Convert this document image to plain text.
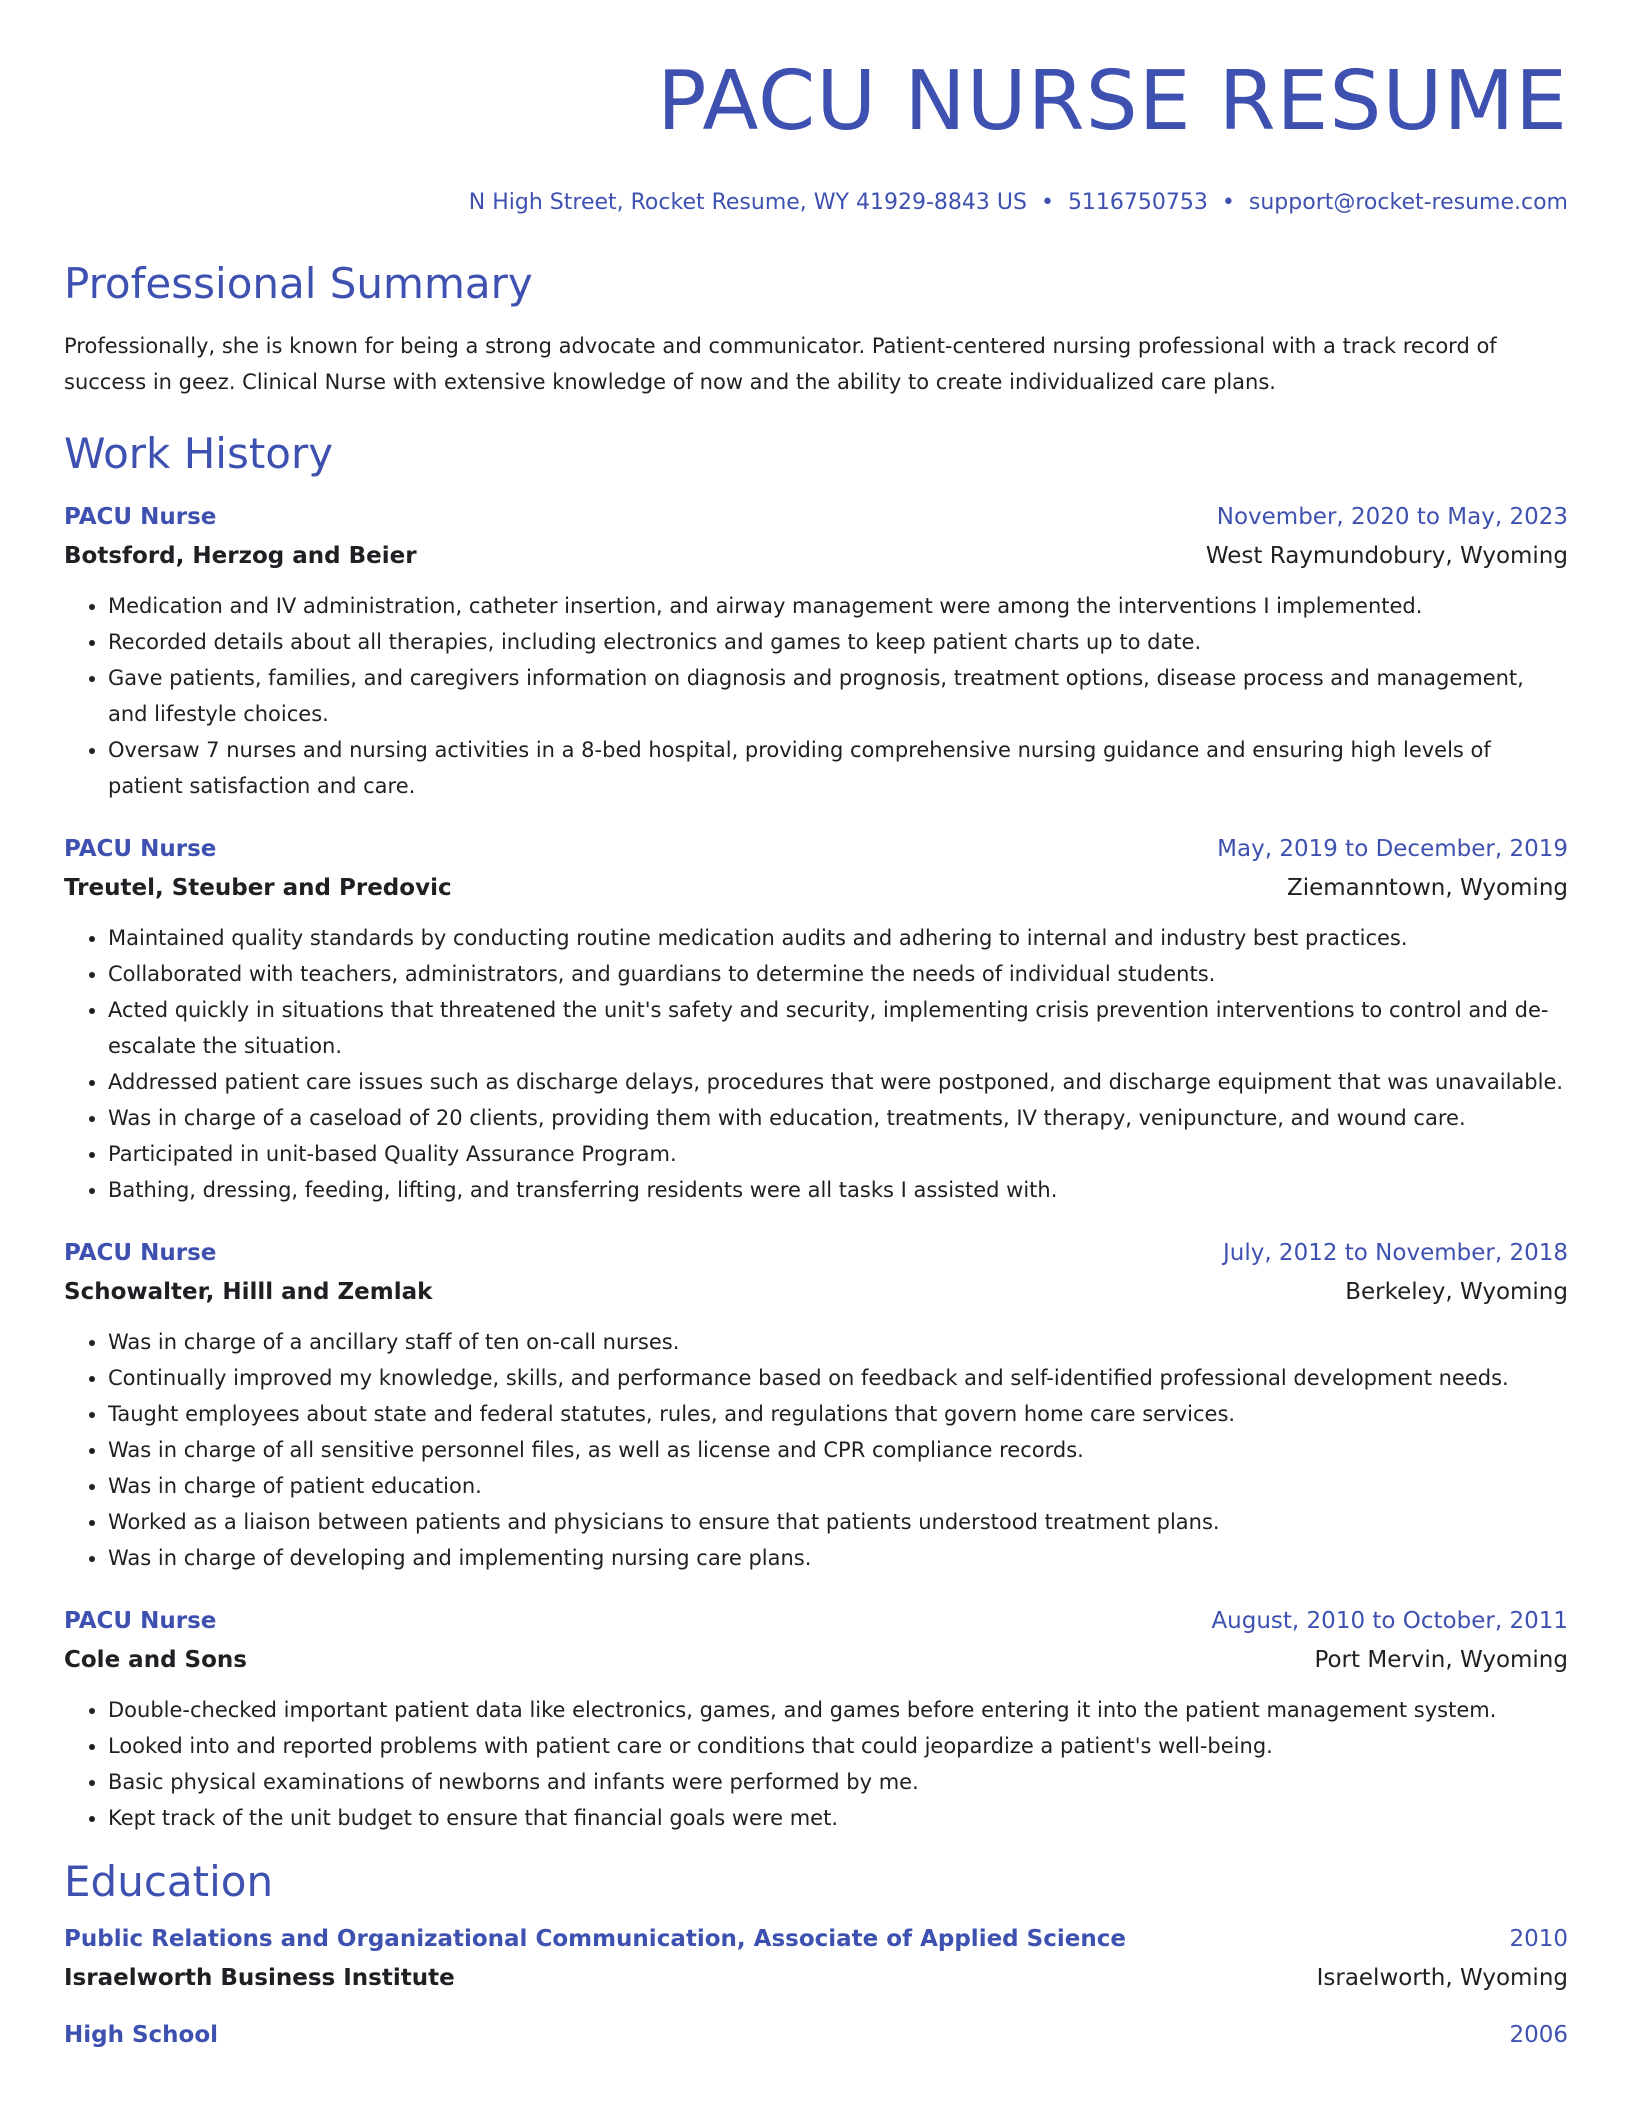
PACU NURSE RESUME
N High Street, Rocket Resume, WY 41929-8843 US • 5116750753 • support@rocket-resume.com
Professional Summary
Professionally, she is known for being a strong advocate and communicator. Patient-centered nursing professional with a track record of success in geez. Clinical Nurse with extensive knowledge of now and the ability to create individualized care plans.
Work History
PACU Nurse	November, 2020 to May, 2023
Botsford, Herzog and Beier	West Raymundobury, Wyoming
• Medication and IV administration, catheter insertion, and airway management were among the interventions I implemented.
• Recorded details about all therapies, including electronics and games to keep patient charts up to date.
• Gave patients, families, and caregivers information on diagnosis and prognosis, treatment options, disease process and management, and lifestyle choices.
• Oversaw 7 nurses and nursing activities in a 8-bed hospital, providing comprehensive nursing guidance and ensuring high levels of patient satisfaction and care.
PACU Nurse	May, 2019 to December, 2019
Treutel, Steuber and Predovic	Ziemanntown, Wyoming
• Maintained quality standards by conducting routine medication audits and adhering to internal and industry best practices.
• Collaborated with teachers, administrators, and guardians to determine the needs of individual students.
• Acted quickly in situations that threatened the unit's safety and security, implementing crisis prevention interventions to control and de-escalate the situation.
• Addressed patient care issues such as discharge delays, procedures that were postponed, and discharge equipment that was unavailable.
• Was in charge of a caseload of 20 clients, providing them with education, treatments, IV therapy, venipuncture, and wound care.
• Participated in unit-based Quality Assurance Program.
• Bathing, dressing, feeding, lifting, and transferring residents were all tasks I assisted with.
PACU Nurse	July, 2012 to November, 2018
Schowalter, Hilll and Zemlak	Berkeley, Wyoming
• Was in charge of a ancillary staff of ten on-call nurses.
• Continually improved my knowledge, skills, and performance based on feedback and self-identified professional development needs.
• Taught employees about state and federal statutes, rules, and regulations that govern home care services.
• Was in charge of all sensitive personnel files, as well as license and CPR compliance records.
• Was in charge of patient education.
• Worked as a liaison between patients and physicians to ensure that patients understood treatment plans.
• Was in charge of developing and implementing nursing care plans.
PACU Nurse	August, 2010 to October, 2011
Cole and Sons	Port Mervin, Wyoming
• Double-checked important patient data like electronics, games, and games before entering it into the patient management system.
• Looked into and reported problems with patient care or conditions that could jeopardize a patient's well-being.
• Basic physical examinations of newborns and infants were performed by me.
• Kept track of the unit budget to ensure that financial goals were met.
Education
Public Relations and Organizational Communication, Associate of Applied Science	2010
Israelworth Business Institute	Israelworth, Wyoming
High School	2006
